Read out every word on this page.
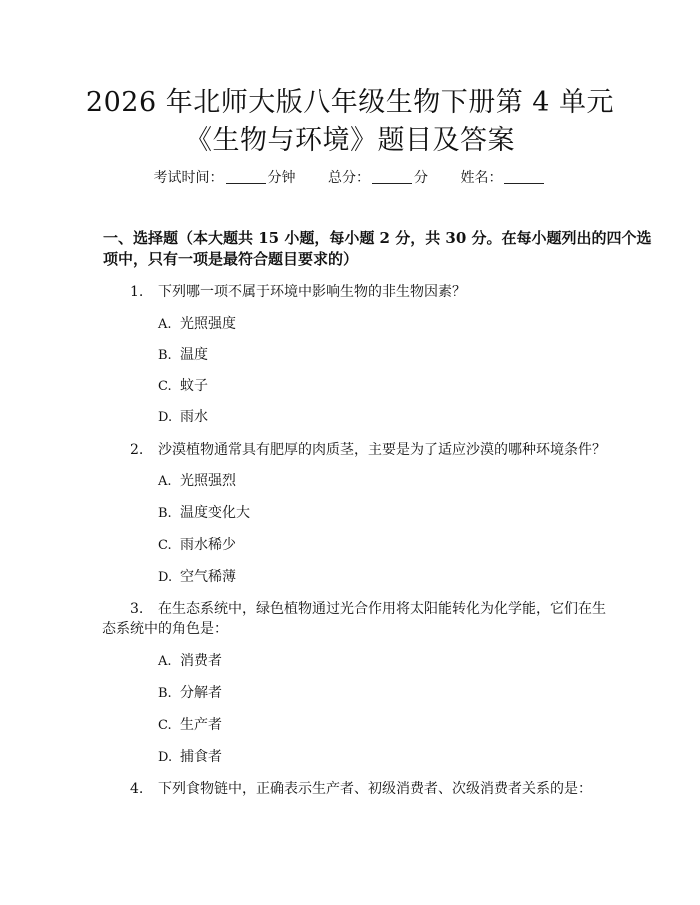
2026 年北师大版八年级生物下册第 4 单元
《生物与环境》题目及答案
考试时间：	分钟 总分：	分 姓名：
一、选择题（本大题共 15 小题，每小题 2 分，共 30 分。在每小题列出的四个选
项中，只有一项是最符合题目要求的）
1. 下列哪一项不属于环境中影响生物的非生物因素？
A. 光照强度
B. 温度
C. 蚊子
D. 雨水
2. 沙漠植物通常具有肥厚的肉质茎，主要是为了适应沙漠的哪种环境条件？
A. 光照强烈
B. 温度变化大
C. 雨水稀少
D. 空气稀薄
3. 在生态系统中，绿色植物通过光合作用将太阳能转化为化学能，它们在生
态系统中的角色是：
A. 消费者
B. 分解者
C. 生产者
D. 捕食者
4. 下列食物链中，正确表示生产者、初级消费者、次级消费者关系的是：
